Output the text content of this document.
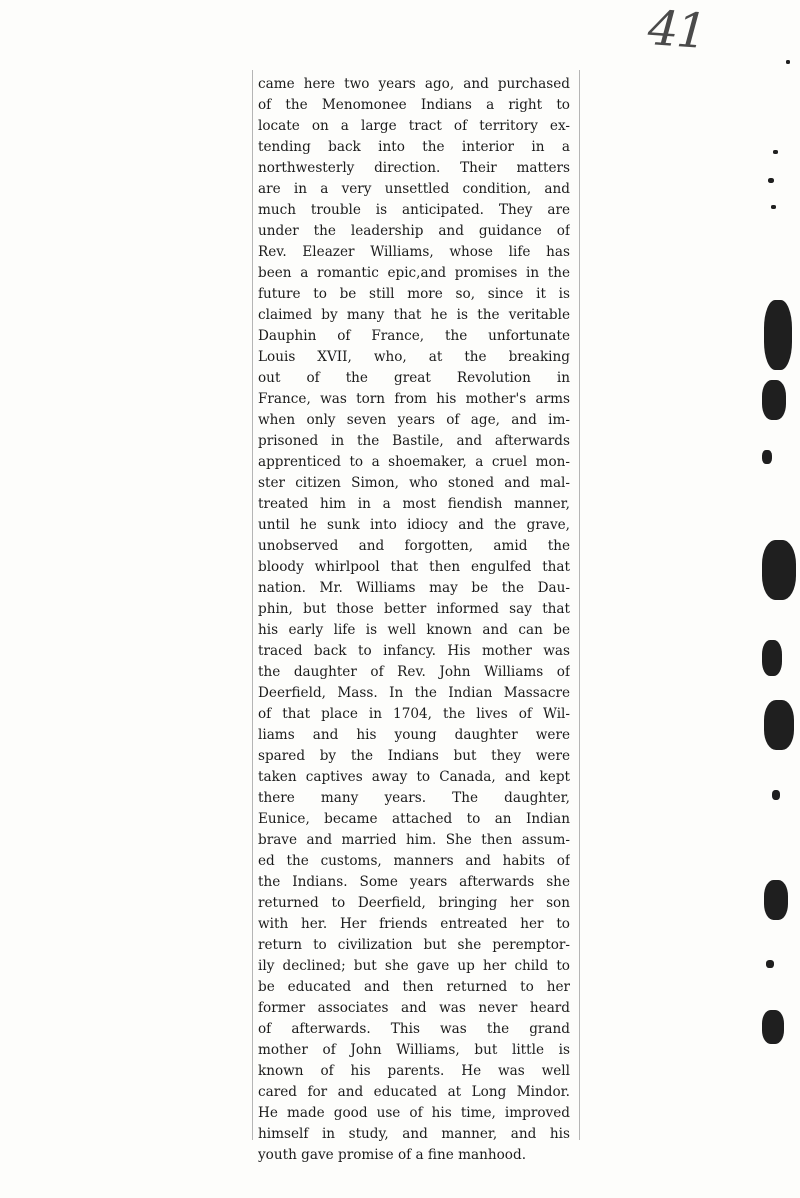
41

came here two years ago, and purchased

of the Menomonee Indians a right to

locate on a large tract of territory ex-

tending back into the interior in a

northwesterly direction. Their matters

are in a very unsettled condition, and

much trouble is anticipated. They are

under the leadership and guidance of

Rev. Eleazer Williams, whose life has

been a romantic epic,and promises in the

future to be still more so, since it is

claimed by many that he is the veritable

Dauphin of France, the unfortunate

Louis XVII, who, at the breaking

out of the great Revolution in

France, was torn from his mother's arms

when only seven years of age, and im-

prisoned in the Bastile, and afterwards

apprenticed to a shoemaker, a cruel mon-

ster citizen Simon, who stoned and mal-

treated him in a most fiendish manner,

until he sunk into idiocy and the grave,

unobserved and forgotten, amid the

bloody whirlpool that then engulfed that

nation. Mr. Williams may be the Dau-

phin, but those better informed say that

his early life is well known and can be

traced back to infancy. His mother was

the daughter of Rev. John Williams of

Deerfield, Mass. In the Indian Massacre

of that place in 1704, the lives of Wil-

liams and his young daughter were

spared by the Indians but they were

taken captives away to Canada, and kept

there many years. The daughter,

Eunice, became attached to an Indian

brave and married him. She then assum-

ed the customs, manners and habits of

the Indians. Some years afterwards she

returned to Deerfield, bringing her son

with her. Her friends entreated her to

return to civilization but she peremptor-

ily declined; but she gave up her child to

be educated and then returned to her

former associates and was never heard

of afterwards. This was the grand

mother of John Williams, but little is

known of his parents. He was well

cared for and educated at Long Mindor.

He made good use of his time, improved

himself in study, and manner, and his

youth gave promise of a fine manhood.
